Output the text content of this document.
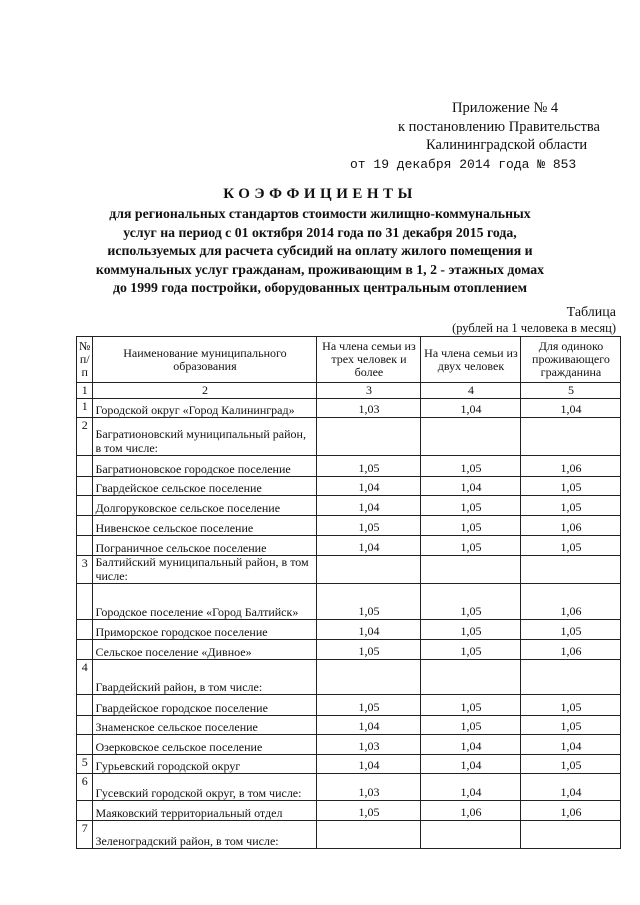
Приложение № 4
к постановлению Правительства
Калининградской области
от 19 декабря 2014 года № 853
КОЭФФИЦИЕНТЫ
для региональных стандартов стоимости жилищно-коммунальных
услуг на период с 01 октября 2014 года по 31 декабря 2015 года,
используемых для расчета субсидий на оплату жилого помещения и
коммунальных услуг гражданам, проживающим в 1, 2 - этажных домах
до 1999 года постройки, оборудованных центральным отоплением
Таблица
(рублей на 1 человека в месяц)
№ п/п	Наименование муниципального образования	На члена семьи из трех человек и более	На члена семьи из двух человек	Для одиноко проживающего гражданина
1	2	3	4	5
1	Городской округ «Город Калининград»	1,03	1,04	1,04
2	Багратионовский муниципальный район, в том числе:			
	Багратионовское городское поселение	1,05	1,05	1,06
	Гвардейское сельское поселение	1,04	1,04	1,05
	Долгоруковское сельское поселение	1,04	1,05	1,05
	Нивенское сельское поселение	1,05	1,05	1,06
	Пограничное сельское поселение	1,04	1,05	1,05
3	Балтийский муниципальный район, в том числе:			
	Городское поселение «Город Балтийск»	1,05	1,05	1,06
	Приморское городское поселение	1,04	1,05	1,05
	Сельское поселение «Дивное»	1,05	1,05	1,06
4	Гвардейский район, в том числе:			
	Гвардейское городское поселение	1,05	1,05	1,05
	Знаменское сельское поселение	1,04	1,05	1,05
	Озерковское сельское поселение	1,03	1,04	1,04
5	Гурьевский городской округ	1,04	1,04	1,05
6	Гусевский городской округ, в том числе:	1,03	1,04	1,04
	Маяковский территориальный отдел	1,05	1,06	1,06
7	Зеленоградский район, в том числе:			
